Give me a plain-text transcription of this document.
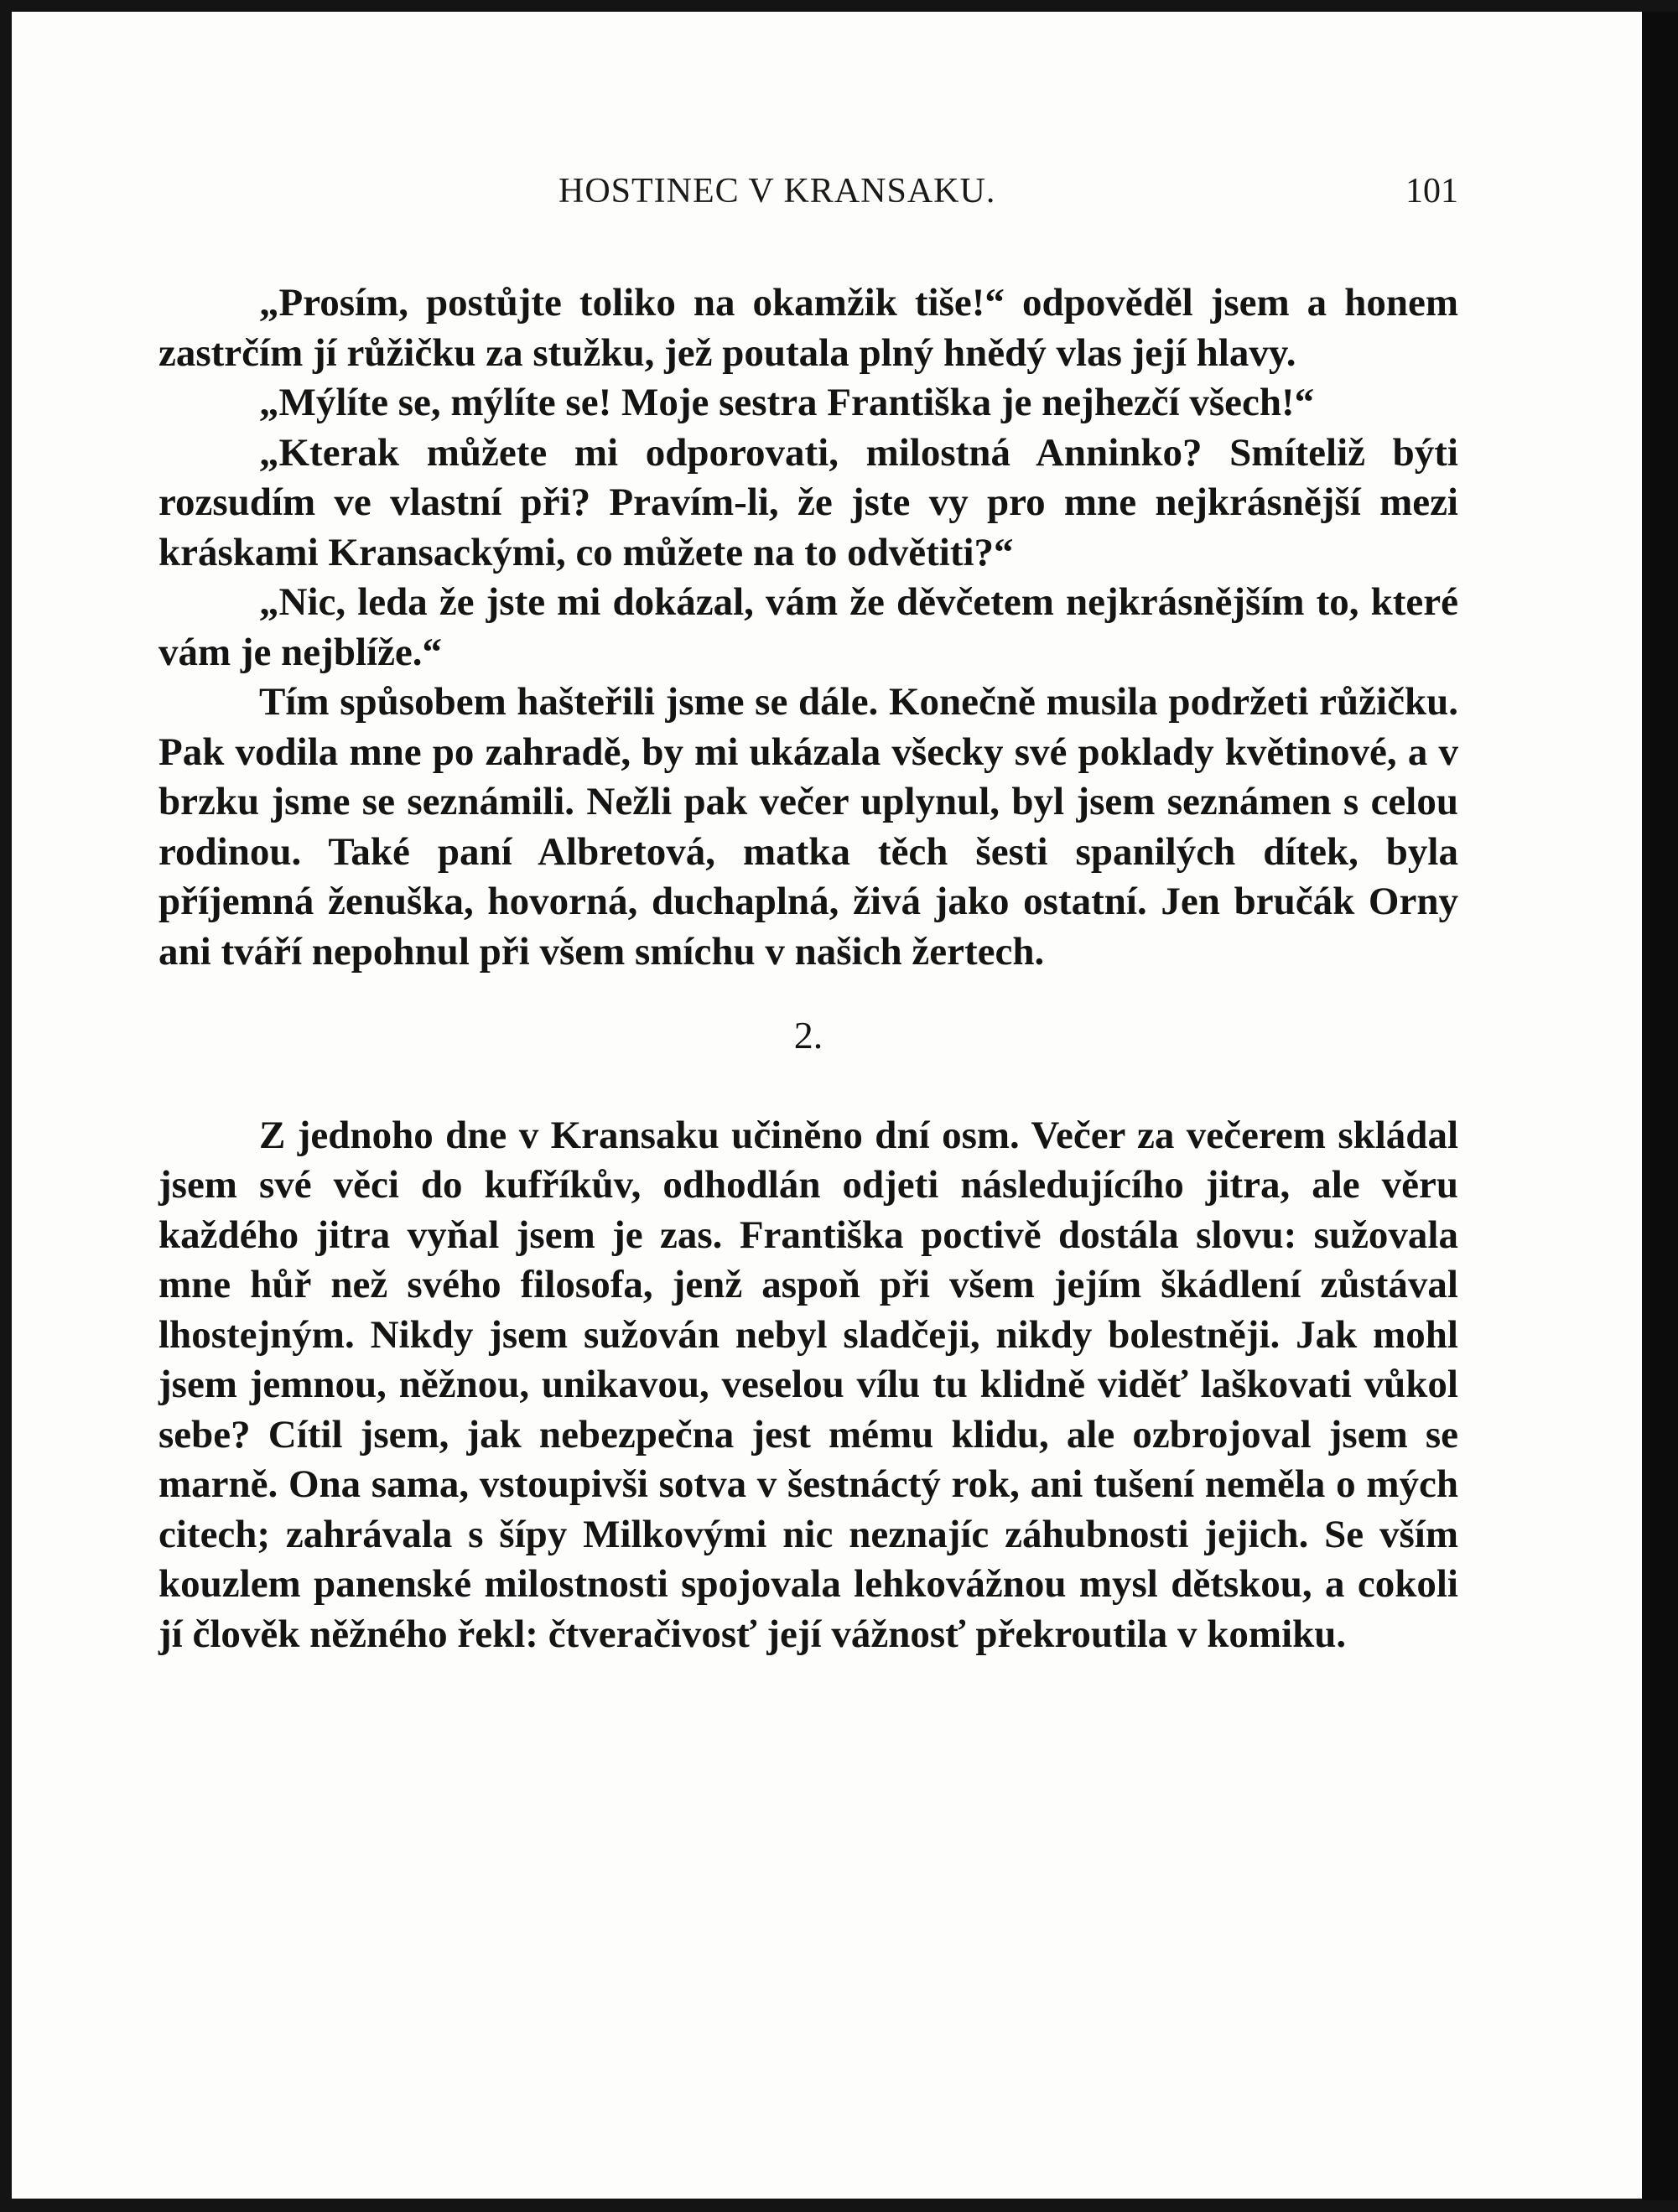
HOSTINEC V KRANSAKU.	101

„Prosím, postůjte toliko na okamžik tiše!“ odpověděl jsem a honem zastrčím jí růžičku za stužku, jež poutala plný hnědý vlas její hlavy.

„Mýlíte se, mýlíte se! Moje sestra Františka je nejhezčí všech!“

„Kterak můžete mi odporovati, milostná Anninko? Smíteliž býti rozsudím ve vlastní při? Pravím-li, že jste vy pro mne nejkrásnější mezi kráskami Kransackými, co můžete na to odvětiti?“

„Nic, leda že jste mi dokázal, vám že děvčetem nejkrásnějším to, které vám je nejblíže.“

Tím spůsobem hašteřili jsme se dále. Konečně musila podržeti růžičku. Pak vodila mne po zahradě, by mi ukázala všecky své poklady květinové, a v brzku jsme se seznámili. Nežli pak večer uplynul, byl jsem seznámen s celou rodinou. Také paní Albretová, matka těch šesti spanilých dítek, byla příjemná ženuška, hovorná, duchaplná, živá jako ostatní. Jen bručák Orny ani tváří nepohnul při všem smíchu v našich žertech.

2.

Z jednoho dne v Kransaku učiněno dní osm. Večer za večerem skládal jsem své věci do kufříkův, odhodlán odjeti následujícího jitra, ale věru každého jitra vyňal jsem je zas. Františka poctivě dostála slovu: sužovala mne hůř než svého filosofa, jenž aspoň při všem jejím škádlení zůstával lhostejným. Nikdy jsem sužován nebyl sladčeji, nikdy bolestněji. Jak mohl jsem jemnou, něžnou, unikavou, veselou vílu tu klidně viděť laškovati vůkol sebe? Cítil jsem, jak nebezpečna jest mému klidu, ale ozbrojoval jsem se marně. Ona sama, vstoupivši sotva v šestnáctý rok, ani tušení neměla o mých citech; zahrávala s šípy Milkovými nic neznajíc záhubnosti jejich. Se vším kouzlem panenské milostnosti spojovala lehkovážnou mysl dětskou, a cokoli jí člověk něžného řekl: čtveračivosť její vážnosť překroutila v komiku.
